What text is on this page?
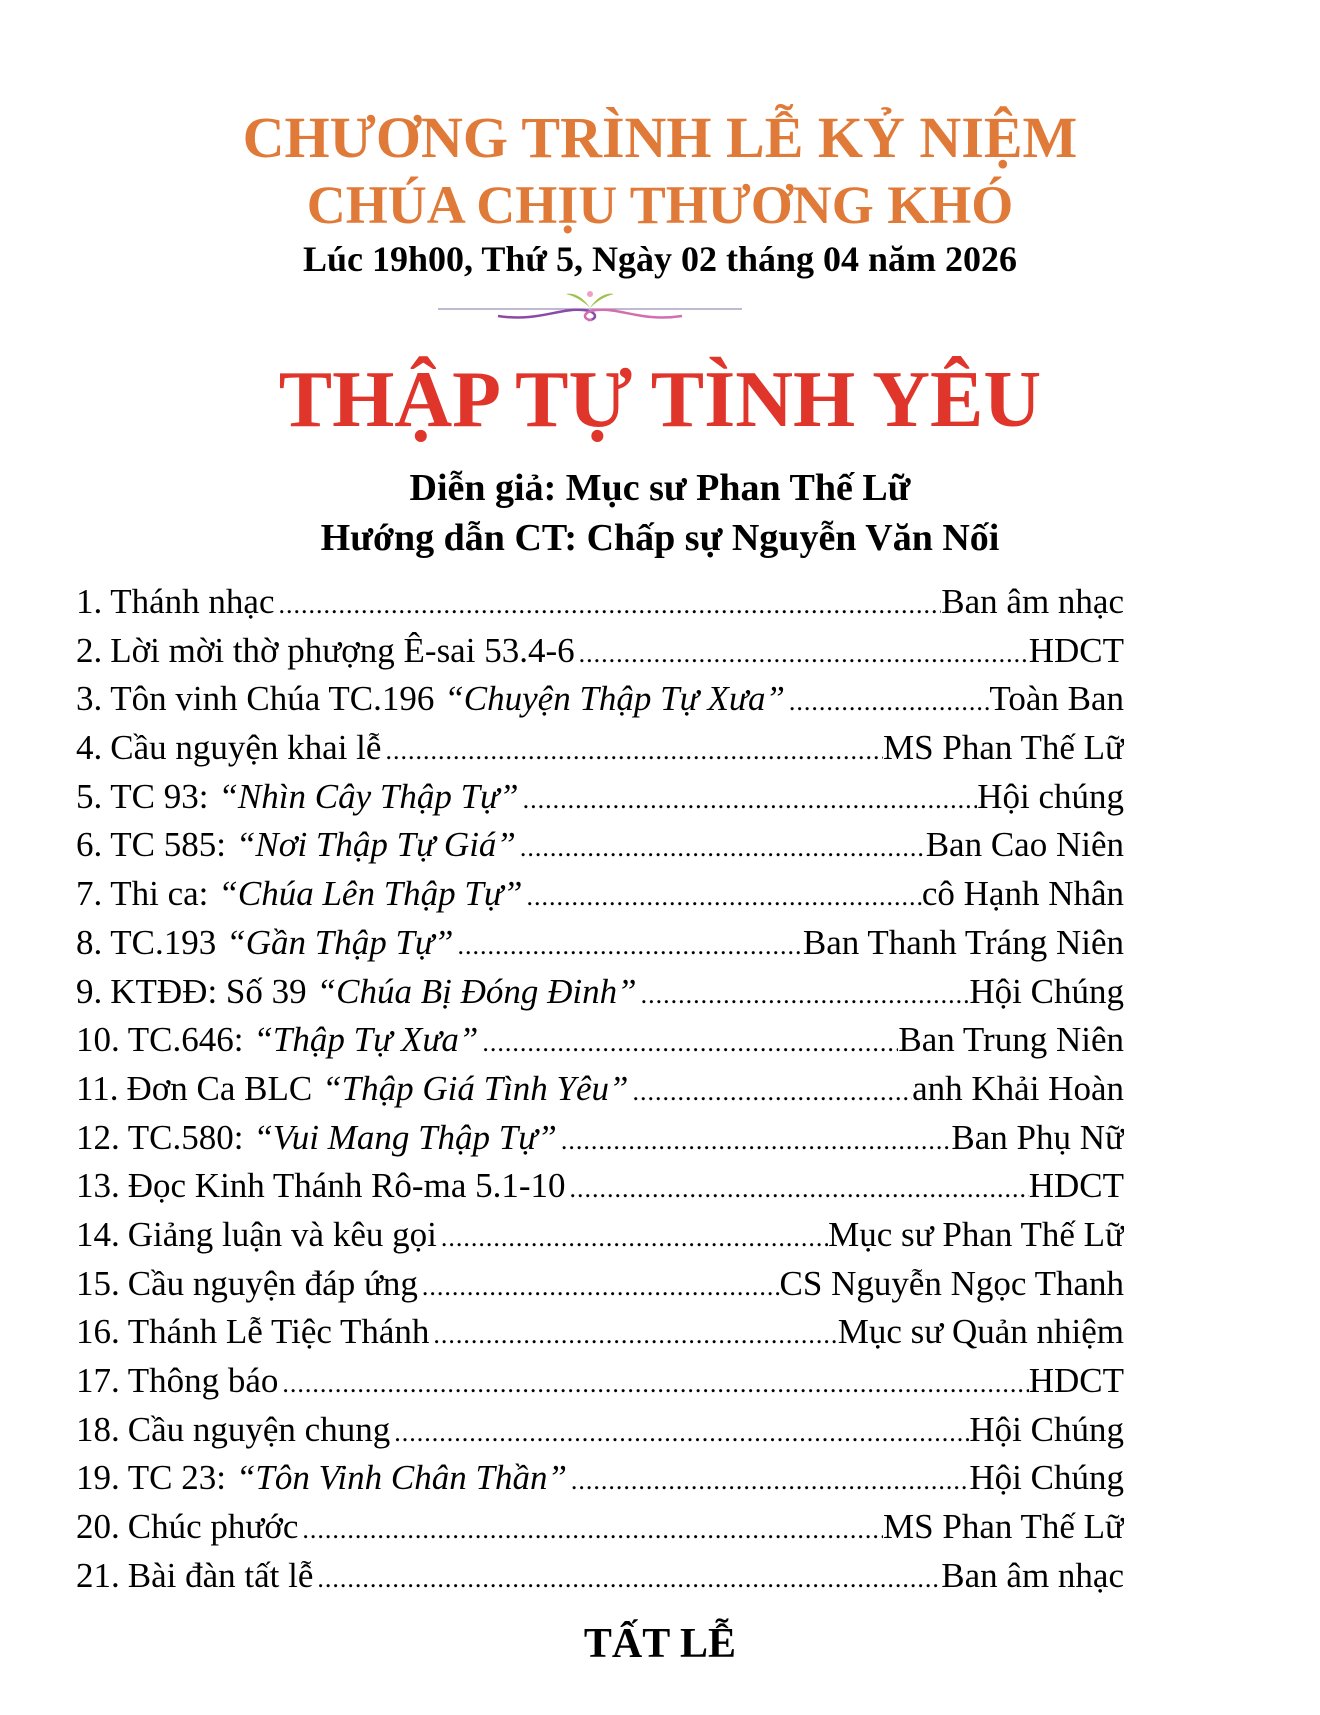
CHƯƠNG TRÌNH LỄ KỶ NIỆM
CHÚA CHỊU THƯƠNG KHÓ
Lúc 19h00, Thứ 5, Ngày 02 tháng 04 năm 2026
THẬP TỰ TÌNH YÊU
Diễn giả: Mục sư Phan Thế Lữ
Hướng dẫn CT: Chấp sự Nguyễn Văn Nối
1. Thánh nhạc .....	Ban âm nhạc
2. Lời mời thờ phượng Ê-sai 53.4-6 .....	HDCT
3. Tôn vinh Chúa TC.196 “Chuyện Thập Tự Xưa” .....	Toàn Ban
4. Cầu nguyện khai lễ .....	MS Phan Thế Lữ
5. TC 93: “Nhìn Cây Thập Tự” .....	Hội chúng
6. TC 585: “Nơi Thập Tự Giá” .....	Ban Cao Niên
7. Thi ca: “Chúa Lên Thập Tự” .....	cô Hạnh Nhân
8. TC.193 “Gần Thập Tự” .....	Ban Thanh Tráng Niên
9. KTĐĐ: Số 39 “Chúa Bị Đóng Đinh” .....	Hội Chúng
10. TC.646: “Thập Tự Xưa” .....	Ban Trung Niên
11. Đơn Ca BLC “Thập Giá Tình Yêu” .....	anh Khải Hoàn
12. TC.580: “Vui Mang Thập Tự” .....	Ban Phụ Nữ
13. Đọc Kinh Thánh Rô-ma 5.1-10 .....	HDCT
14. Giảng luận và kêu gọi .....	Mục sư Phan Thế Lữ
15. Cầu nguyện đáp ứng .....	CS Nguyễn Ngọc Thanh
16. Thánh Lễ Tiệc Thánh .....	Mục sư Quản nhiệm
17. Thông báo .....	HDCT
18. Cầu nguyện chung .....	Hội Chúng
19. TC 23: “Tôn Vinh Chân Thần” .....	Hội Chúng
20. Chúc phước .....	MS Phan Thế Lữ
21. Bài đàn tất lễ .....	Ban âm nhạc
TẤT LỄ
